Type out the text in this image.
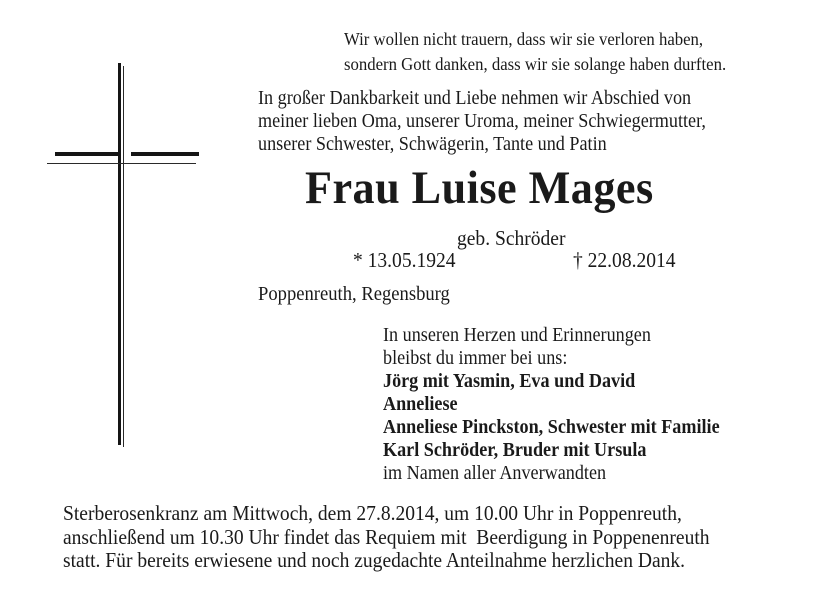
Wir wollen nicht trauern, dass wir sie verloren haben,
sondern Gott danken, dass wir sie solange haben durften.
In großer Dankbarkeit und Liebe nehmen wir Abschied von
meiner lieben Oma, unserer Uroma, meiner Schwiegermutter,
unserer Schwester, Schwägerin, Tante und Patin
Frau Luise Mages
geb. Schröder
* 13.05.1924	† 22.08.2014
Poppenreuth, Regensburg
In unseren Herzen und Erinnerungen
bleibst du immer bei uns:
Jörg mit Yasmin, Eva und David
Anneliese
Anneliese Pinckston, Schwester mit Familie
Karl Schröder, Bruder mit Ursula
im Namen aller Anverwandten
Sterberosenkranz am Mittwoch, dem 27.8.2014, um 10.00 Uhr in Poppenreuth,
anschließend um 10.30 Uhr findet das Requiem mit  Beerdigung in Poppenenreuth
statt. Für bereits erwiesene und noch zugedachte Anteilnahme herzlichen Dank.
